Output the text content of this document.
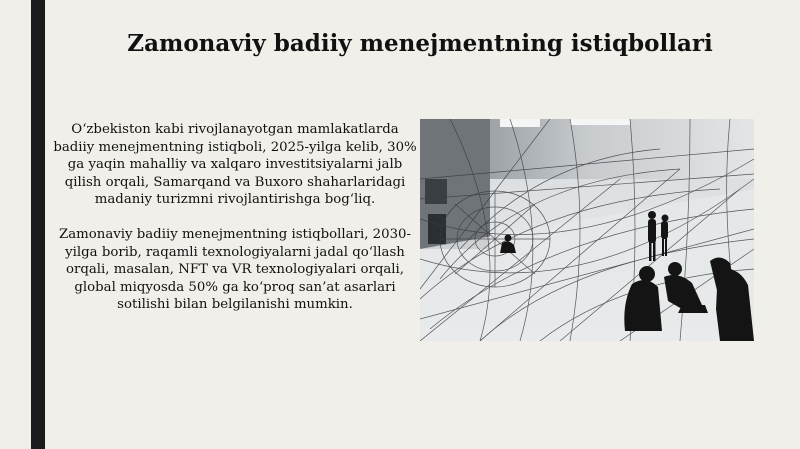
Zamonaviy badiiy menejmentning istiqbollari

O‘zbekiston kabi rivojlanayotgan mamlakatlarda badiiy menejmentning istiqboli, 2025-yilga kelib, 30% ga yaqin mahalliy va xalqaro investitsiyalarni jalb qilish orqali, Samarqand va Buxoro shaharlaridagi madaniy turizmni rivojlantirishga bog‘liq.

Zamonaviy badiiy menejmentning istiqbollari, 2030-yilga borib, raqamli texnologiyalarni jadal qo‘llash orqali, masalan, NFT va VR texnologiyalari orqali, global miqyosda 50% ga ko‘proq san’at asarlari sotilishi bilan belgilanishi mumkin.
